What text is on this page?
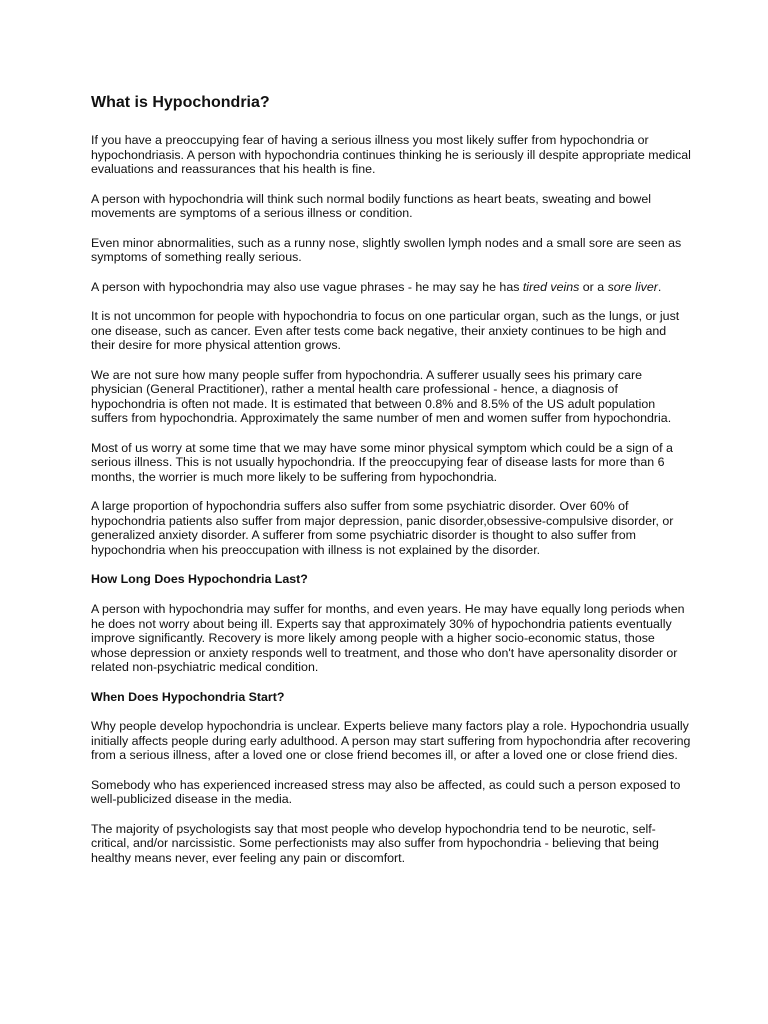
What is Hypochondria?

If you have a preoccupying fear of having a serious illness you most likely suffer from hypochondria or hypochondriasis. A person with hypochondria continues thinking he is seriously ill despite appropriate medical evaluations and reassurances that his health is fine.

A person with hypochondria will think such normal bodily functions as heart beats, sweating and bowel movements are symptoms of a serious illness or condition.

Even minor abnormalities, such as a runny nose, slightly swollen lymph nodes and a small sore are seen as symptoms of something really serious.

A person with hypochondria may also use vague phrases - he may say he has tired veins or a sore liver.

It is not uncommon for people with hypochondria to focus on one particular organ, such as the lungs, or just one disease, such as cancer. Even after tests come back negative, their anxiety continues to be high and their desire for more physical attention grows.

We are not sure how many people suffer from hypochondria. A sufferer usually sees his primary care physician (General Practitioner), rather a mental health care professional - hence, a diagnosis of hypochondria is often not made. It is estimated that between 0.8% and 8.5% of the US adult population suffers from hypochondria. Approximately the same number of men and women suffer from hypochondria.

Most of us worry at some time that we may have some minor physical symptom which could be a sign of a serious illness. This is not usually hypochondria. If the preoccupying fear of disease lasts for more than 6 months, the worrier is much more likely to be suffering from hypochondria.

A large proportion of hypochondria suffers also suffer from some psychiatric disorder. Over 60% of hypochondria patients also suffer from major depression, panic disorder,obsessive-compulsive disorder, or generalized anxiety disorder. A sufferer from some psychiatric disorder is thought to also suffer from hypochondria when his preoccupation with illness is not explained by the disorder.

How Long Does Hypochondria Last?

A person with hypochondria may suffer for months, and even years. He may have equally long periods when he does not worry about being ill. Experts say that approximately 30% of hypochondria patients eventually improve significantly. Recovery is more likely among people with a higher socio-economic status, those whose depression or anxiety responds well to treatment, and those who don't have apersonality disorder or related non-psychiatric medical condition.

When Does Hypochondria Start?

Why people develop hypochondria is unclear. Experts believe many factors play a role. Hypochondria usually initially affects people during early adulthood. A person may start suffering from hypochondria after recovering from a serious illness, after a loved one or close friend becomes ill, or after a loved one or close friend dies.

Somebody who has experienced increased stress may also be affected, as could such a person exposed to well-publicized disease in the media.

The majority of psychologists say that most people who develop hypochondria tend to be neurotic, self-critical, and/or narcissistic. Some perfectionists may also suffer from hypochondria - believing that being healthy means never, ever feeling any pain or discomfort.
